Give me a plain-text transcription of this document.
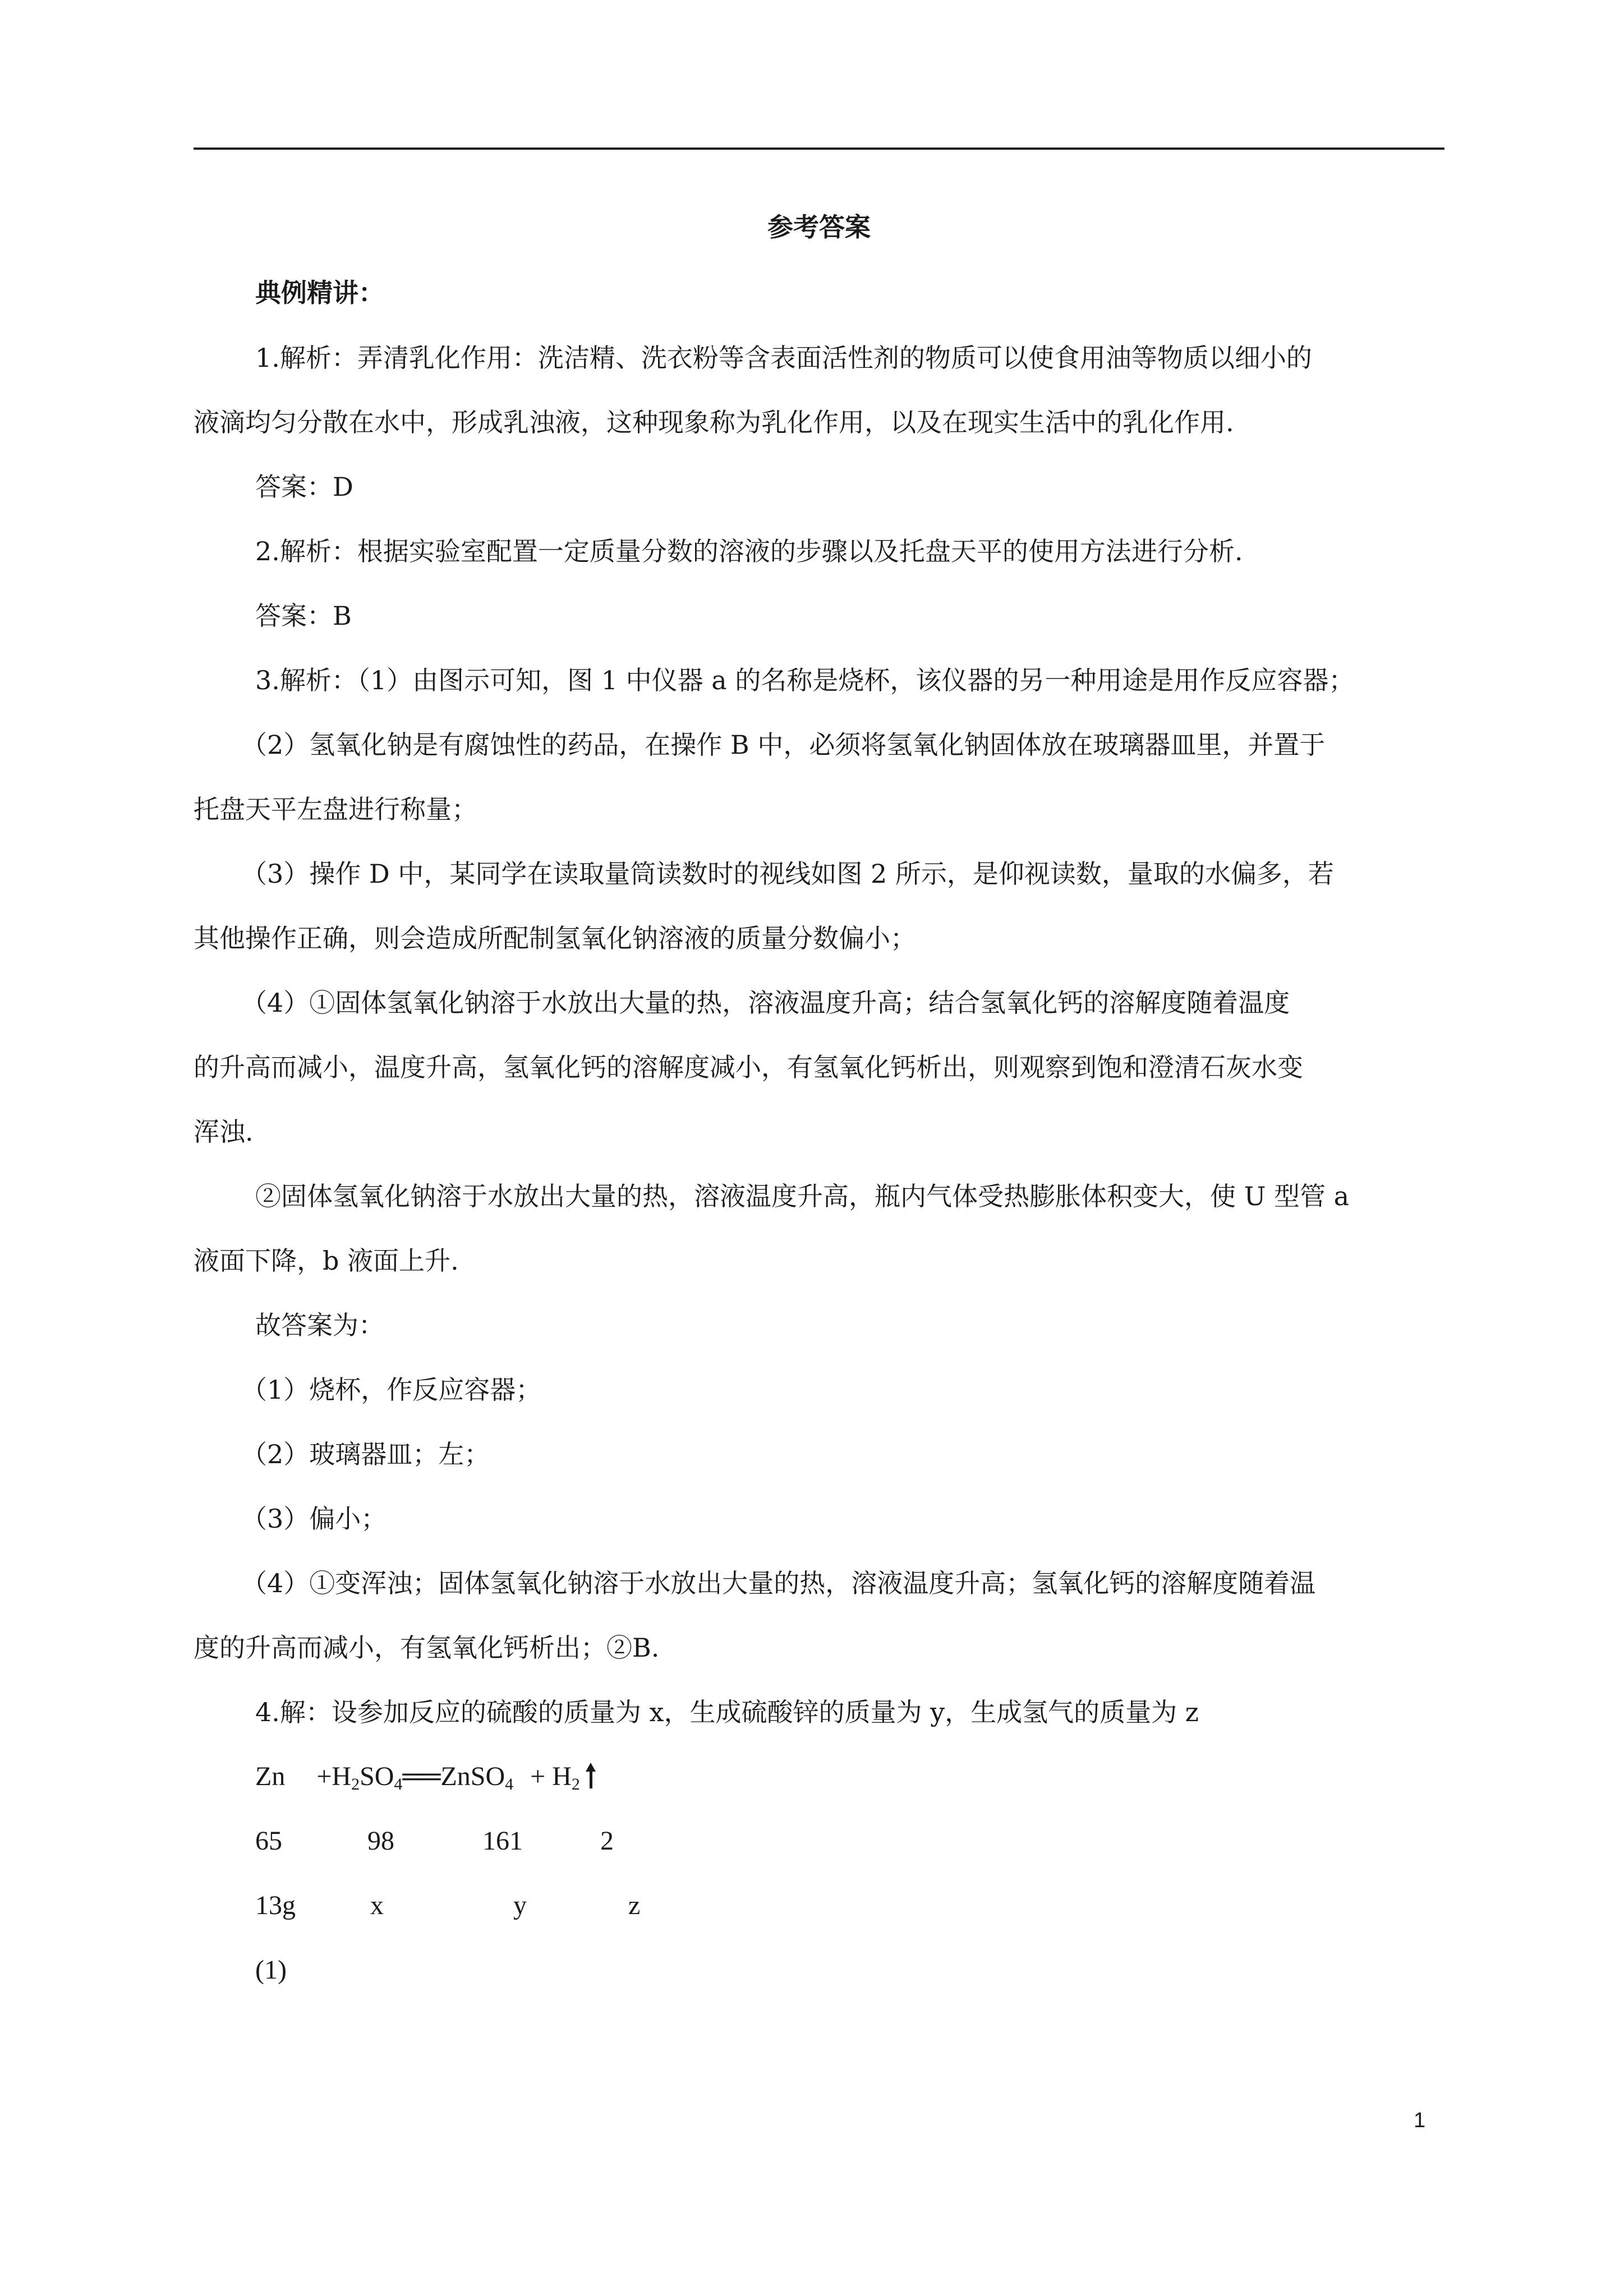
参考答案
典例精讲：
1.解析：弄清乳化作用：洗洁精、洗衣粉等含表面活性剂的物质可以使食用油等物质以细小的
液滴均匀分散在水中，形成乳浊液，这种现象称为乳化作用，以及在现实生活中的乳化作用.
答案：D
2.解析：根据实验室配置一定质量分数的溶液的步骤以及托盘天平的使用方法进行分析.
答案：B
3.解析：（1）由图示可知，图 1 中仪器 a 的名称是烧杯，该仪器的另一种用途是用作反应容器；
（2）氢氧化钠是有腐蚀性的药品，在操作 B 中，必须将氢氧化钠固体放在玻璃器皿里，并置于
托盘天平左盘进行称量；
（3）操作 D 中，某同学在读取量筒读数时的视线如图 2 所示，是仰视读数，量取的水偏多，若
其他操作正确，则会造成所配制氢氧化钠溶液的质量分数偏小；
（4）①固体氢氧化钠溶于水放出大量的热，溶液温度升高；结合氢氧化钙的溶解度随着温度
的升高而减小，温度升高，氢氧化钙的溶解度减小，有氢氧化钙析出，则观察到饱和澄清石灰水变
浑浊.
②固体氢氧化钠溶于水放出大量的热，溶液温度升高，瓶内气体受热膨胀体积变大，使 U 型管 a
液面下降，b 液面上升.
故答案为：
（1）烧杯，作反应容器；
（2）玻璃器皿；左；
（3）偏小；
（4）①变浑浊；固体氢氧化钠溶于水放出大量的热，溶液温度升高；氢氧化钙的溶解度随着温
度的升高而减小，有氢氧化钙析出；②B.
4.解：设参加反应的硫酸的质量为 x，生成硫酸锌的质量为 y，生成氢气的质量为 z
$Zn +H_2SO_4══ZnSO_4 + H_2$
65	98	161	2
13g	x	y	z
(1)
1
